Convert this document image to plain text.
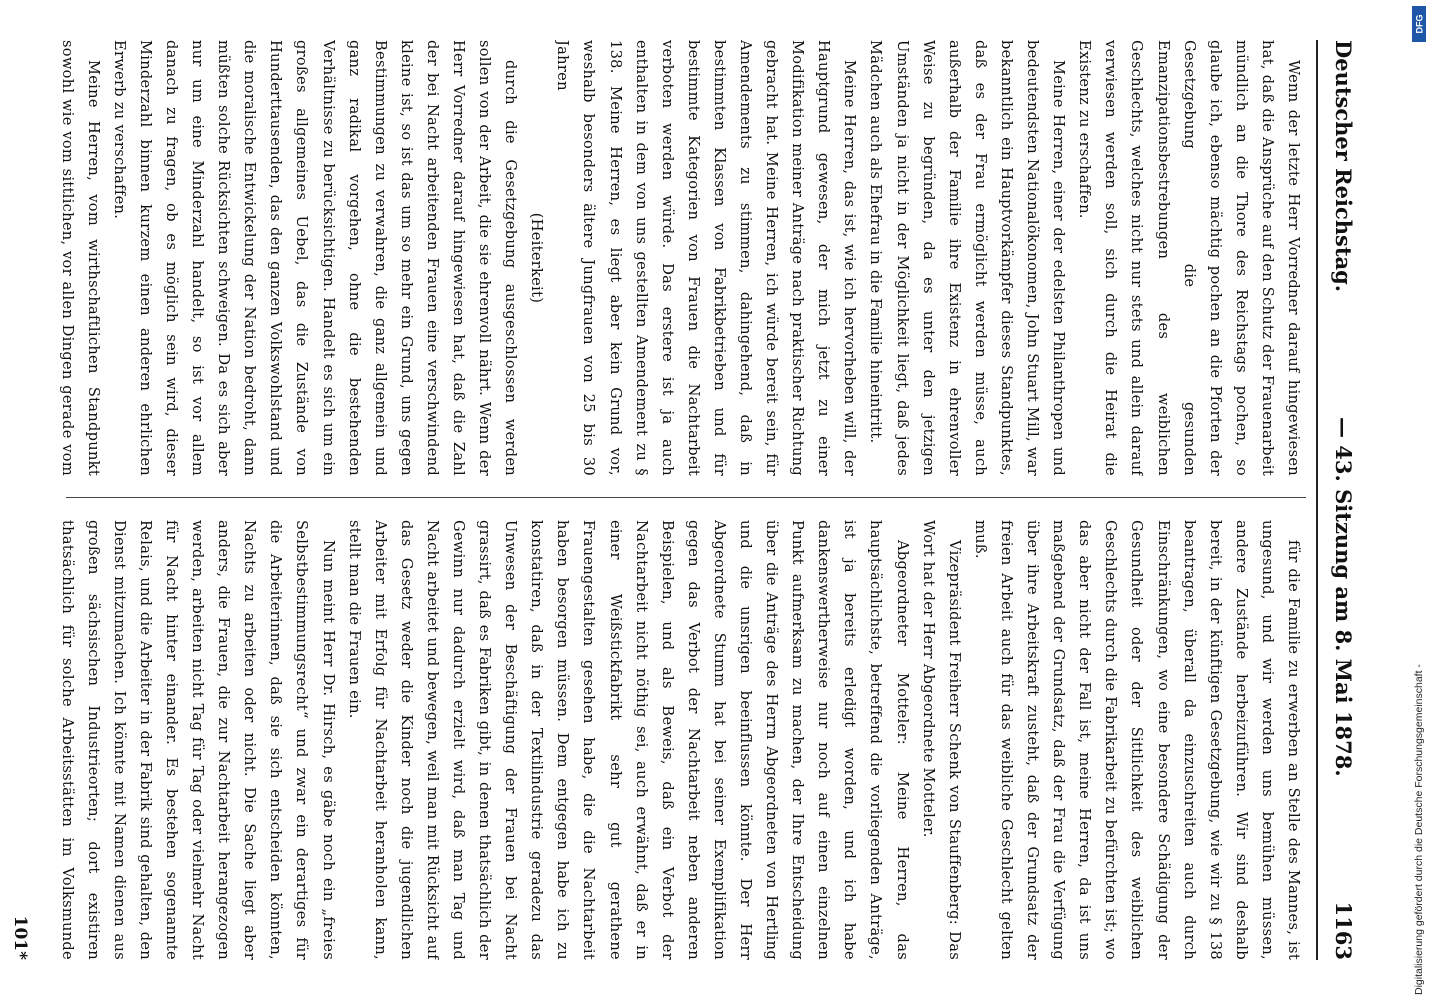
Deutscher Reichstag.
— 43. Sitzung am 8. Mai 1878.
1163

Wenn der letzte Herr Vorredner darauf hingewiesen hat, daß die Ansprüche auf den Schutz der Frauenarbeit mündlich an die Thore des Reichstags pochen, so glaube ich, ebenso mächtig pochen an die Pforten der Gesetzgebung die gesunden Emanzipationsbestrebungen des weiblichen Geschlechts, welches nicht nur stets und allein darauf verwiesen werden soll, sich durch die Heirat die Existenz zu erschaffen.

Meine Herren, einer der edelsten Philanthropen und bedeutendsten Nationalökonomen, John Stuart Mill, war bekanntlich ein Hauptvorkämpfer dieses Standpunktes, daß es der Frau ermöglicht werden müsse, auch außerhalb der Familie ihre Existenz in ehrenvoller Weise zu begründen, da es unter den jetzigen Umständen ja nicht in der Möglichkeit liegt, daß jedes Mädchen auch als Ehefrau in die Familie hineintritt.

Meine Herren, das ist, wie ich hervorheben will, der Hauptgrund gewesen, der mich jetzt zu einer Modifikation meiner Anträge nach praktischer Richtung gebracht hat. Meine Herren, ich würde bereit sein, für Amendements zu stimmen, dahingehend, daß in bestimmten Klassen von Fabrikbetrieben und für bestimmte Kategorien von Frauen die Nachtarbeit verboten werden würde. Das erstere ist ja auch enthalten in dem von uns gestellten Amendement zu § 138. Meine Herren, es liegt aber kein Grund vor, weshalb besonders ältere Jungfrauen von 25 bis 30 Jahren

(Heiterkeit)

durch die Gesetzgebung ausgeschlossen werden sollen von der Arbeit, die sie ehrenvoll nährt. Wenn der Herr Vorredner darauf hingewiesen hat, daß die Zahl der bei Nacht arbeitenden Frauen eine verschwindend kleine ist, so ist das um so mehr ein Grund, uns gegen Bestimmungen zu verwahren, die ganz allgemein und ganz radikal vorgehen, ohne die bestehenden Verhältnisse zu berücksichtigen. Handelt es sich um ein großes allgemeines Uebel, das die Zustände von Hunderttausenden, das den ganzen Volkswohlstand und die moralische Entwickelung der Nation bedroht, dann müßten solche Rücksichten schweigen. Da es sich aber nur um eine Minderzahl handelt, so ist vor allem danach zu fragen, ob es möglich sein wird, dieser Minderzahl binnen kurzem einen anderen ehrlichen Erwerb zu verschaffen.

Meine Herren, vom wirthschaftlichen Standpunkt sowohl wie vom sittlichen, vor allen Dingen gerade vom

für die Familie zu erwerben an Stelle des Mannes, ist ungesund, und wir werden uns bemühen müssen, andere Zustände herbeizuführen. Wir sind deshalb bereit, in der künftigen Gesetzgebung, wie wir zu § 138 beantragen, überall da einzuschreiten auch durch Einschränkungen, wo eine besondere Schädigung der Gesundheit oder der Sittlichkeit des weiblichen Geschlechts durch die Fabrikarbeit zu befürchten ist; wo das aber nicht der Fall ist, meine Herren, da ist uns maßgebend der Grundsatz, daß der Frau die Verfügung über ihre Arbeitskraft zusteht, daß der Grundsatz der freien Arbeit auch für das weibliche Geschlecht gelten muß.

Vizepräsident Freiherr Schenk von Stauffenberg: Das Wort hat der Herr Abgeordnete Motteler.

Abgeordneter Motteler: Meine Herren, das hauptsächlichste, betreffend die vorliegenden Anträge, ist ja bereits erledigt worden, und ich habe dankenswertherweise nur noch auf einen einzelnen Punkt aufmerksam zu machen, der Ihre Entscheidung über die Anträge des Herrn Abgeordneten von Hertling und die unsrigen beeinflussen könnte. Der Herr Abgeordnete Stumm hat bei seiner Exemplifikation gegen das Verbot der Nachtarbeit neben anderen Beispielen, und als Beweis, daß ein Verbot der Nachtarbeit nicht nöthig sei, auch erwähnt, daß er in einer Weißstickfabrikt sehr gut gerathene Frauengestalten gesehen habe, die die Nachtarbeit haben besorgen müssen. Dem entgegen habe ich zu konstatiren, daß in der Textilindustrie geradezu das Unwesen der Beschäftigung der Frauen bei Nacht grassirt, daß es Fabriken gibt, in denen thatsächlich der Gewinn nur dadurch erzielt wird, daß man Tag und Nacht arbeitet und bewegen, weil man mit Rücksicht auf das Gesetz weder die Kinder noch die jugendlichen Arbeiter mit Erfolg für Nachtarbeit heranholen kann, stellt man die Frauen ein.

Nun meint Herr Dr. Hirsch, es gäbe noch ein „freies Selbstbestimmungsrecht“ und zwar ein derartiges für die Arbeiterinnen, daß sie sich entscheiden könnten, Nachts zu arbeiten oder nicht. Die Sache liegt aber anders, die Frauen, die zur Nachtarbeit herangezogen werden, arbeiten nicht Tag für Tag oder vielmehr Nacht für Nacht hinter einander. Es bestehen sogenannte Relais, und die Arbeiter in der Fabrik sind gehalten, den Dienst mitzumachen. Ich könnte mit Namen dienen aus großen sächsischen Industrieorten; dort existiren thatsächlich für solche Arbeitsstätten im Volksmunde

101*	Digitalisierung gefördert durch die Deutsche Forschungsgemeinschaft -
DFG
